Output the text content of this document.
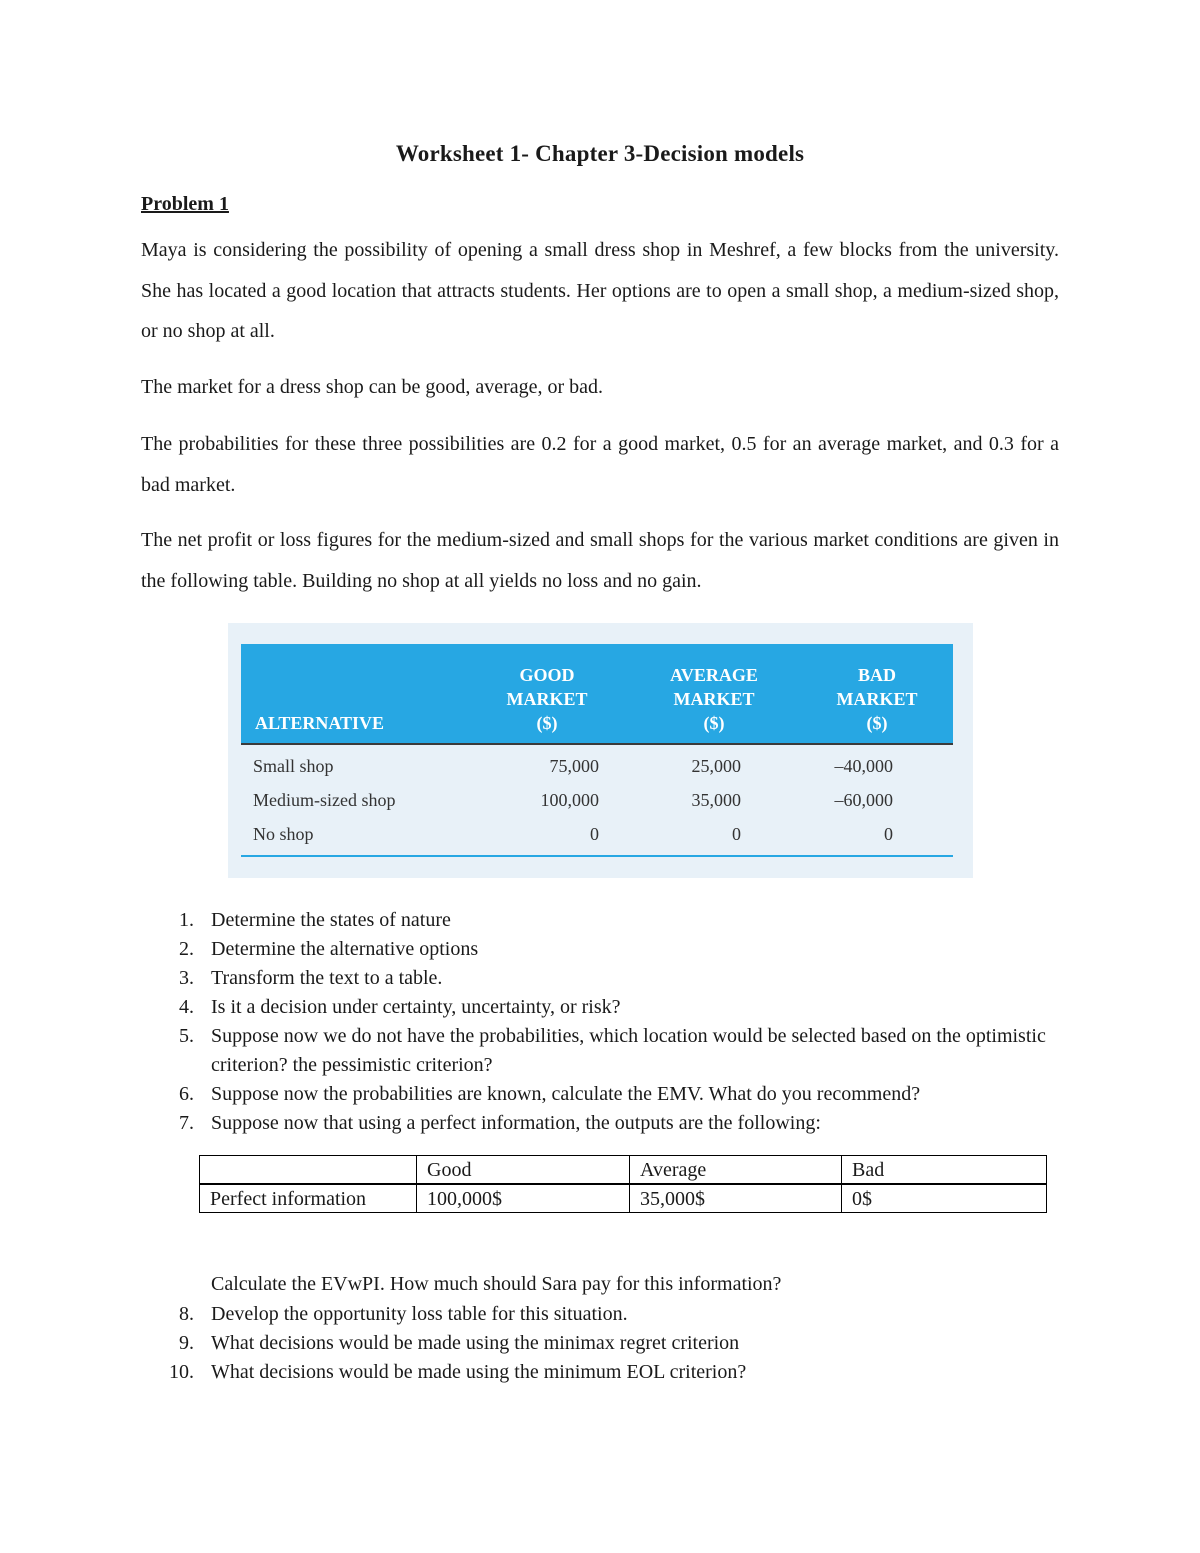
Worksheet 1- Chapter 3-Decision models
Problem 1

Maya is considering the possibility of opening a small dress shop in Meshref, a few blocks from the university. She has located a good location that attracts students. Her options are to open a small shop, a medium-sized shop, or no shop at all.

The market for a dress shop can be good, average, or bad.

The probabilities for these three possibilities are 0.2 for a good market, 0.5 for an average market, and 0.3 for a bad market.

The net profit or loss figures for the medium-sized and small shops for the various market conditions are given in the following table. Building no shop at all yields no loss and no gain.

ALTERNATIVE	GOOD
MARKET
($)	AVERAGE
MARKET
($)	BAD
MARKET
($)
Small shop	75,000	25,000	–40,000
Medium-sized shop	100,000	35,000	–60,000
No shop	0	0	0
1. Determine the states of nature
2. Determine the alternative options
3. Transform the text to a table.
4. Is it a decision under certainty, uncertainty, or risk?
5. Suppose now we do not have the probabilities, which location would be selected based on the optimistic criterion? the pessimistic criterion?
6. Suppose now the probabilities are known, calculate the EMV. What do you recommend?
7. Suppose now that using a perfect information, the outputs are the following:
	Good	Average	Bad
Perfect information	100,000$	35,000$	0$
Calculate the EVwPI. How much should Sara pay for this information?
8. Develop the opportunity loss table for this situation.
9. What decisions would be made using the minimax regret criterion
10. What decisions would be made using the minimum EOL criterion?
